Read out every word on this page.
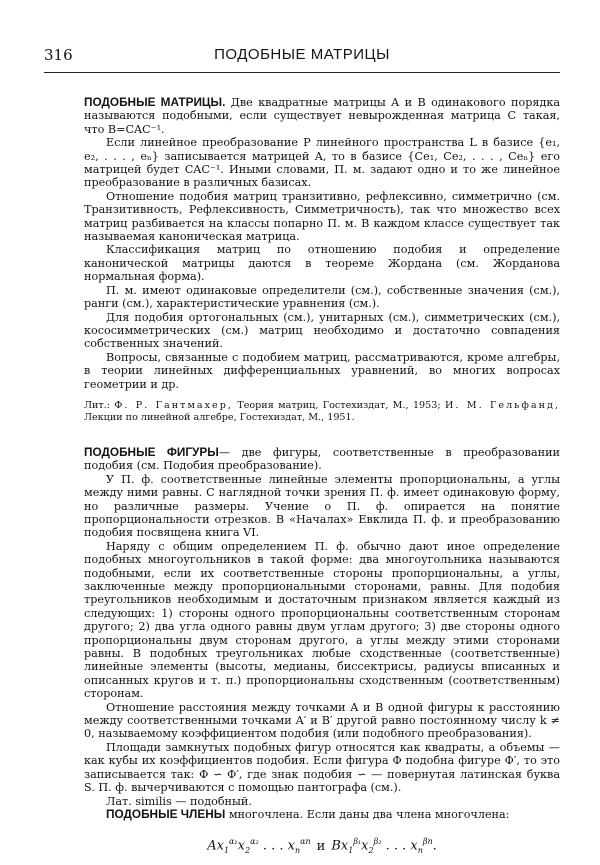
316	ПОДОБНЫЕ МАТРИЦЫ

ПОДОБНЫЕ МАТРИЦЫ. Две квадратные матрицы A и B одинакового порядка называются подобными, если существует невырожденная матрица C такая, что B=CAC⁻¹.

Если линейное преобразование P линейного пространства L в базисе {e₁, e₂, . . . , eₙ} записывается матрицей A, то в базисе {Ce₁, Ce₂, . . . , Ceₙ} его матрицей будет CAC⁻¹. Иными словами, П. м. задают одно и то же линейное преобразование в различных базисах.

Отношение подобия матриц транзитивно, рефлексивно, симметрично (см. Транзитивность, Рефлексивность, Симметричность), так что множество всех матриц разбивается на классы попарно П. м. В каждом классе существует так называемая каноническая матрица.

Классификация матриц по отношению подобия и определение канонической матрицы даются в теореме Жордана (см. Жорданова нормальная форма).

П. м. имеют одинаковые определители (см.), собственные значения (см.), ранги (см.), характеристические уравнения (см.).

Для подобия ортогональных (см.), унитарных (см.), симметрических (см.), кососимметрических (см.) матриц необходимо и достаточно совпадения собственных значений.

Вопросы, связанные с подобием матриц, рассматриваются, кроме алгебры, в теории линейных дифференциальных уравнений, во многих вопросах геометрии и др.

Лит.: Ф. Р. Гантмахер, Теория матриц, Гостехиздат, М., 1953; И. М. Гельфанд, Лекции по линейной алгебре, Гостехиздат, М., 1951.

ПОДОБНЫЕ ФИГУРЫ— две фигуры, соответственные в преобразовании подобия (см. Подобия преобразование).

У П. ф. соответственные линейные элементы пропорциональны, а углы между ними равны. С наглядной точки зрения П. ф. имеет одинаковую форму, но различные размеры. Учение о П. ф. опирается на понятие пропорциональности отрезков. В «Началах» Евклида П. ф. и преобразованию подобия посвящена книга VI.

Наряду с общим определением П. ф. обычно дают иное определение подобных многоугольников в такой форме: два многоугольника называются подобными, если их соответственные стороны пропорциональны, а углы, заключенные между пропорциональными сторонами, равны. Для подобия треугольников необходимым и достаточным признаком является каждый из следующих: 1) стороны одного пропорциональны соответственным сторонам другого; 2) два угла одного равны двум углам другого; 3) две стороны одного пропорциональны двум сторонам другого, а углы между этими сторонами равны. В подобных треугольниках любые сходственные (соответственные) линейные элементы (высоты, медианы, биссектрисы, радиусы вписанных и описанных кругов и т. п.) пропорциональны сходственным (соответственным) сторонам.

Отношение расстояния между точками A и B одной фигуры к расстоянию между соответственными точками A′ и B′ другой равно постоянному числу k ≠ 0, называемому коэффициентом подобия (или подобного преобразования).

Площади замкнутых подобных фигур относятся как квадраты, а объемы — как кубы их коэффициентов подобия. Если фигура Φ подобна фигуре Φ′, то это записывается так: Φ ∽ Φ′, где знак подобия ∽ — повернутая латинская буква S. П. ф. вычерчиваются с помощью пантографа (см.).

Лат. similis — подобный.

ПОДОБНЫЕ ЧЛЕНЫ многочлена. Если даны два члена многочлена:

$Ax_1^{\alpha_1}x_2^{\alpha_2}$ . . . $x_n^{\alpha n}$ и $Bx_1^{\beta_1}x_2^{\beta_2}$ . . . $x_n^{\beta n}$.
